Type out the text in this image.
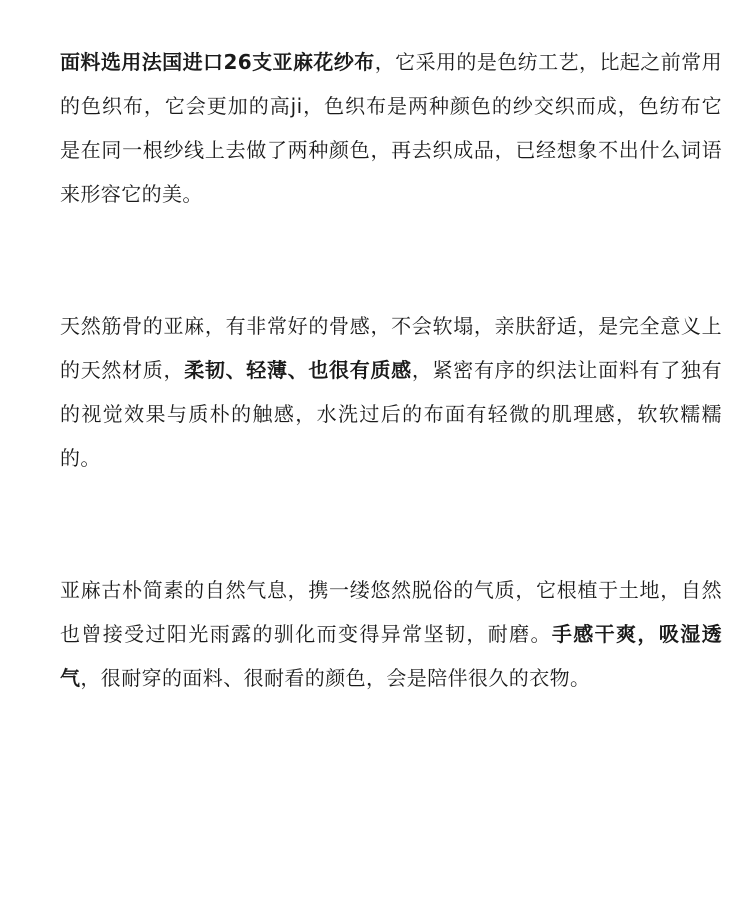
面料选用法国进口26支亚麻花纱布，它采用的是色纺工艺，比起之前常用的色织布，它会更加的高ji，色织布是两种颜色的纱交织而成，色纺布它是在同一根纱线上去做了两种颜色，再去织成品，已经想象不出什么词语来形容它的美。

天然筋骨的亚麻，有非常好的骨感，不会软塌，亲肤舒适，是完全意义上的天然材质，柔韧、轻薄、也很有质感，紧密有序的织法让面料有了独有的视觉效果与质朴的触感，水洗过后的布面有轻微的肌理感，软软糯糯的。

亚麻古朴简素的自然气息，携一缕悠然脱俗的气质，它根植于土地，自然也曾接受过阳光雨露的驯化而变得异常坚韧，耐磨。手感干爽，吸湿透气，很耐穿的面料、很耐看的颜色，会是陪伴很久的衣物。
